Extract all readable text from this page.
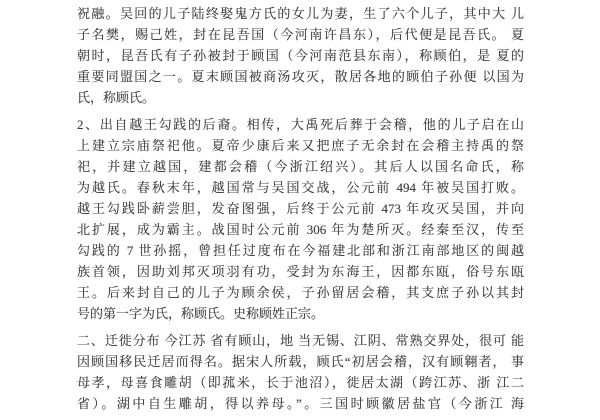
祝融。吴回的儿子陆终娶鬼方氏的女儿为妻，生了六个儿子，其中大 儿
子名樊，赐己姓，封在昆吾国（今河南许昌东），后代便是昆吾氏。 夏
朝时，昆吾氏有子孙被封于顾国（今河南范县东南），称顾伯，是 夏的
重要同盟国之一。夏末顾国被商汤攻灭，散居各地的顾伯子孙便 以国为
氏，称顾氏。
2、出自越王勾践的后裔。相传，大禹死后葬于会稽，他的儿子启在山
上建立宗庙祭祀他。夏帝少康后来又把庶子无余封在会稽主持禹的祭
祀，并建立越国，建都会稽（今浙江绍兴）。其后人以国名命氏，称
为越氏。春秋末年，越国常与吴国交战，公元前 494 年被吴国打败。
越王勾践卧薪尝胆，发奋图强，后终于公元前 473 年攻灭吴国，并向
北扩展，成为霸主。战国时公元前 306 年为楚所灭。经秦至汉，传至
勾践的 7 世孙摇，曾担任过度布在今福建北部和浙江南部地区的闽越
族首领，因助刘邦灭项羽有功，受封为东海王，因都东瓯，俗号东瓯
王。后来封自己的儿子为顾余侯，子孙留居会稽，其支庶子孙以其封
号的第一字为氏，称顾氏。史称顾姓正宗。
二、迁徙分布 今江苏 省有顾山，地 当无锡、江阴、常熟交界处，很可 能
因顾国移民迁居而得名。据宋人所载，顾氏“初居会稽，汉有顾翱者， 事
母孝，母喜食雕胡（即菰米，长于池沼），徙居太湖（跨江苏、浙 江二
省）。湖中自生雕胡，得以养母。”。三国时顾徽居盐官（今浙江 海
